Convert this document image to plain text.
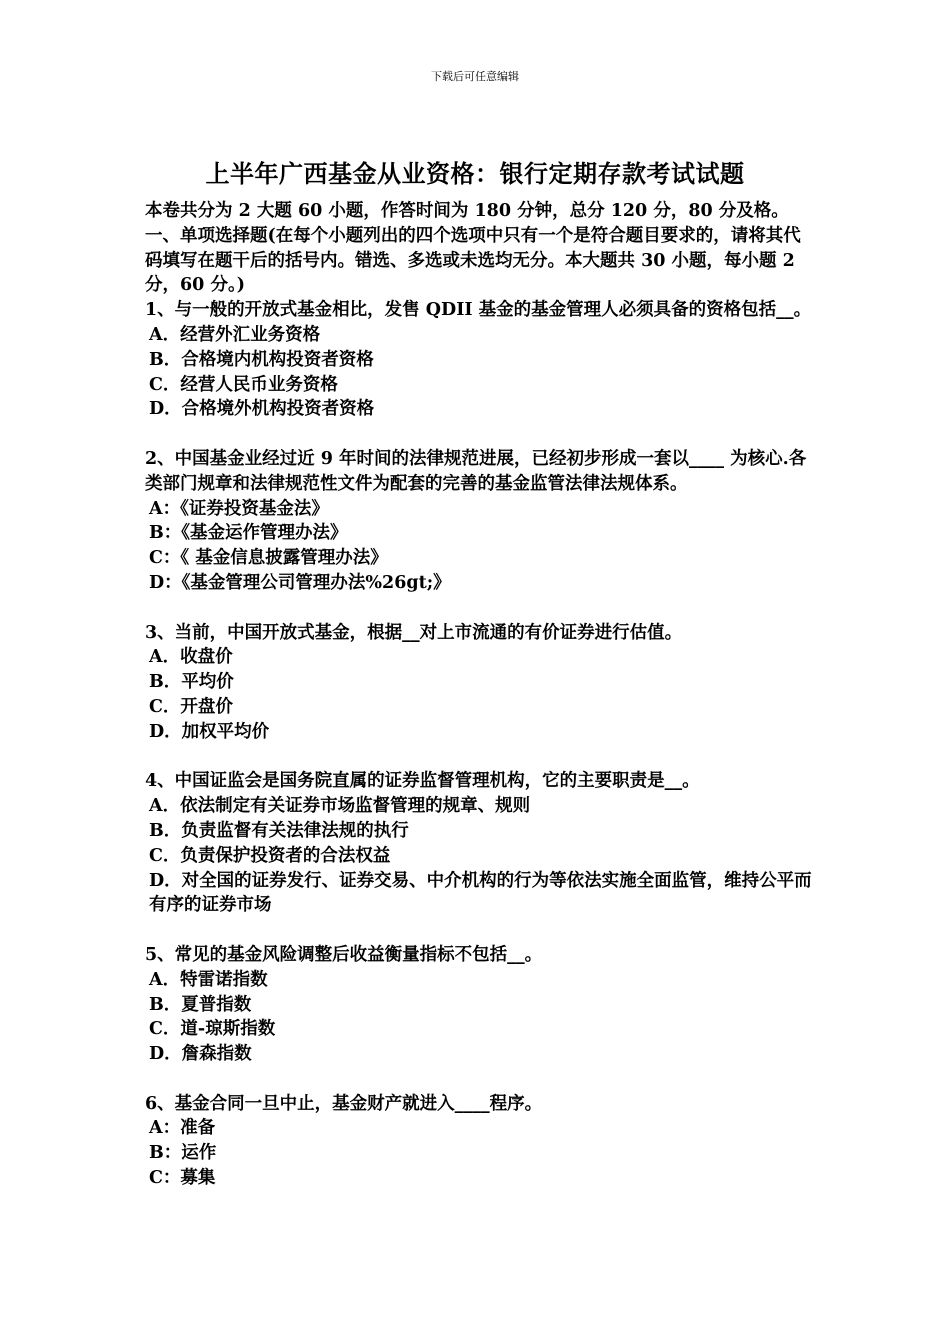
下载后可任意编辑
上半年广西基金从业资格：银行定期存款考试试题

本卷共分为 2 大题 60 小题，作答时间为 180 分钟，总分 120 分，80 分及格。

一、单项选择题(在每个小题列出的四个选项中只有一个是符合题目要求的，请将其代码填写在题干后的括号内。错选、多选或未选均无分。本大题共 30 小题，每小题 2 分，60 分。)

1、与一般的开放式基金相比，发售 QDII 基金的基金管理人必须具备的资格包括__。

A．经营外汇业务资格

B．合格境内机构投资者资格

C．经营人民币业务资格

D．合格境外机构投资者资格

2、中国基金业经过近 9 年时间的法律规范进展，已经初步形成一套以____ 为核心.各类部门规章和法律规范性文件为配套的完善的基金监管法律法规体系。

A：《证券投资基金法》

B：《基金运作管理办法》

C：《 基金信息披露管理办法》

D：《基金管理公司管理办法%26gt;》

3、当前，中国开放式基金，根据__对上市流通的有价证券进行估值。

A．收盘价

B．平均价

C．开盘价

D．加权平均价

4、中国证监会是国务院直属的证券监督管理机构，它的主要职责是__。

A．依法制定有关证券市场监督管理的规章、规则

B．负责监督有关法律法规的执行

C．负责保护投资者的合法权益

D．对全国的证券发行、证券交易、中介机构的行为等依法实施全面监管，维持公平而有序的证券市场

5、常见的基金风险调整后收益衡量指标不包括__。

A．特雷诺指数

B．夏普指数

C．道-琼斯指数

D．詹森指数

6、基金合同一旦中止，基金财产就进入____程序。

A：准备

B：运作

C：募集
